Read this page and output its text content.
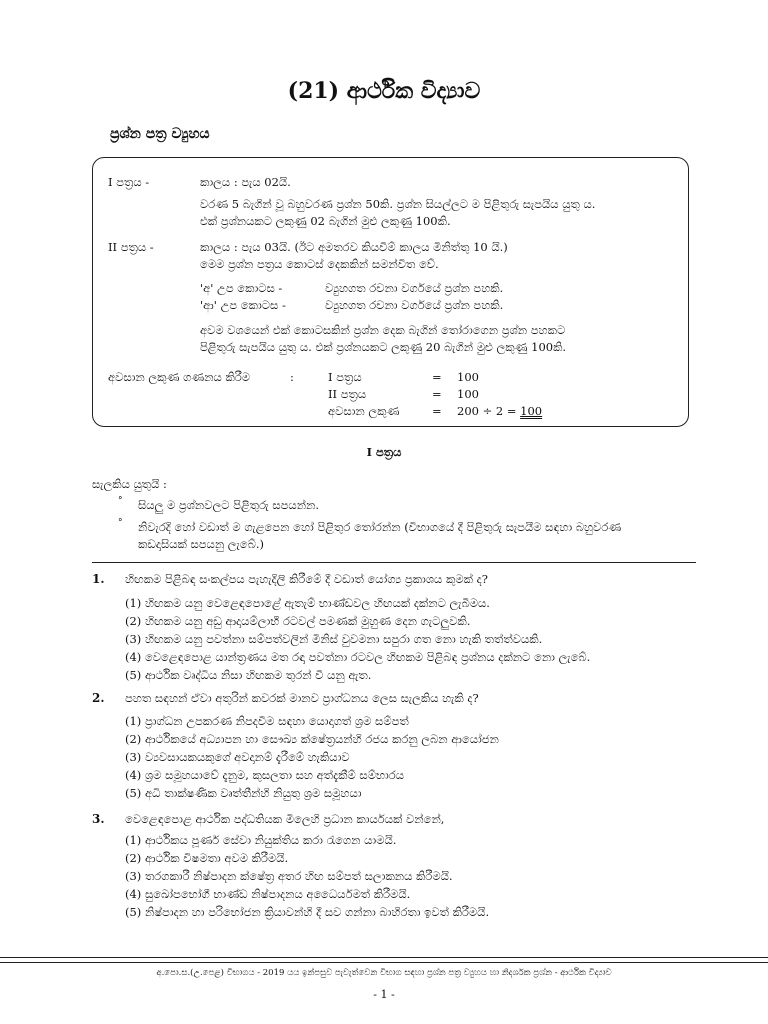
(21) ආර්ථික විද්‍යාව
ප්‍රශ්න පත්‍ර ව්‍යුහය
I පත්‍රය -	කාලය : පැය 02යි.
වරණ 5 බැගින් වූ බහුවරණ ප්‍රශ්න 50කි. ප්‍රශ්න සියල්ලට ම පිළිතුරු සැපයිය යුතු ය.
එක් ප්‍රශ්නයකට ලකුණු 02 බැගින් මුළු ලකුණු 100කි.
II පත්‍රය -	කාලය : පැය 03යි. (ඊට අමතරව කියවීම් කාලය මිනිත්තු 10 යි.)
මෙම ප්‍රශ්න පත්‍රය කොටස් දෙකකින් සමන්විත වේ.
'අ' උප කොටස -	ව්‍යුහගත රචනා වර්ගයේ ප්‍රශ්න පහකි.
'ආ' උප කොටස -	ව්‍යුහගත රචනා වර්ගයේ ප්‍රශ්න පහකි.
අවම වශයෙන් එක් කොටසකින් ප්‍රශ්න දෙක බැගින් තෝරාගෙන ප්‍රශ්න පහකට
පිළිතුරු සැපයිය යුතු ය. එක් ප්‍රශ්නයකට ලකුණු 20 බැගින් මුළු ලකුණු 100කි.
අවසාන ලකුණ ගණනය කිරීම	:	I පත්‍රය	= 100
II පත්‍රය	= 100
අවසාන ලකුණ	= 200 ÷ 2 = 100
I පත්‍රය
සැලකිය යුතුයි :
° සියලු ම ප්‍රශ්නවලට පිළිතුරු සපයන්න.
° නිවැරදි හෝ වඩාත් ම ගැළපෙන හෝ පිළිතුර තෝරන්න (විභාගයේ දී පිළිතුරු සැපයීම සඳහා බහුවරණ
කඩදාසියක් සපයනු ලැබේ.)
1. හිඟකම පිළිබඳ සංකල්පය පැහැදිලි කිරීමේ දී වඩාත් යෝග්‍ය ප්‍රකාශය කුමක් ද?
(1) හිඟකම යනු වෙළෙඳපොළේ ඇතැම් භාණ්ඩවල හිඟයක් දක්නට ලැබීමය.
(2) හිඟකම යනු අඩු ආදායම්ලාභී රටවල් පමණක් මුහුණ දෙන ගැටලුවකි.
(3) හිඟකම යනු පවත්නා සම්පත්වලින් මිනිස් වුවමනා සපුරා ගත නො හැකි තත්ත්වයකි.
(4) වෙළෙඳපොළ යාන්ත්‍රණය මත රඳා පවත්නා රටවල හිඟකම පිළිබඳ ප්‍රශ්නය දක්නට නො ලැබේ.
(5) ආර්ථික වෘද්ධිය නිසා හිඟකම තුරන් වී යනු ඇත.
2. පහත සඳහන් ඒවා අතුරින් කවරක් මානව ප්‍රාග්ධනය ලෙස සැලකිය හැකි ද?
(1) ප්‍රාග්ධන උපකරණ නිපදවීම සඳහා යොදාගත් ශ්‍රම සම්පත්
(2) ආර්ථිකයේ අධ්‍යාපන හා සෞඛ්‍ය ක්ෂේත්‍රයන්හි රජය කරනු ලබන ආයෝජන
(3) ව්‍යවසායකයකුගේ අවදානම් දැරීමේ හැකියාව
(4) ශ්‍රම සමූහයාවේ දැනුම, කුසලතා සහ අත්දැකීම් සම්භාරය
(5) අධි තාක්ෂණික වෘත්තීන්හි නියුතු ශ්‍රම සමූහයා
3. වෙළෙඳපොළ ආර්ථික පද්ධතියක මිලෙහි ප්‍රධාන කාර්යයක් වන්නේ,
(1) ආර්ථිකය පූර්ණ සේවා නියුක්තිය කරා රැගෙන යාමයි.
(2) ආර්ථික විෂමතා අවම කිරීමයි.
(3) තරගකාරී නිෂ්පාදන ක්ෂේත්‍ර අතර හිඟ සම්පත් සලාකනය කිරීමයි.
(4) සුඛෝපභෝගී භාණ්ඩ නිෂ්පාදනය අධෛර්යමත් කිරීමයි.
(5) නිෂ්පාදන හා පරිභෝජන ක්‍රියාවන්හි දී සව ගන්නා බාහිරතා ඉවත් කිරීමයි.
අ.පො.ස.(උ.පෙළ) විභාගය - 2019 යය ඉන්පසුව පැවැත්වෙන විභාග සඳහා ප්‍රශ්න පත්‍ර ව්‍යුහය හා නිදර්ශක ප්‍රශ්න - ආර්ථික විද්‍යාව
- 1 -
